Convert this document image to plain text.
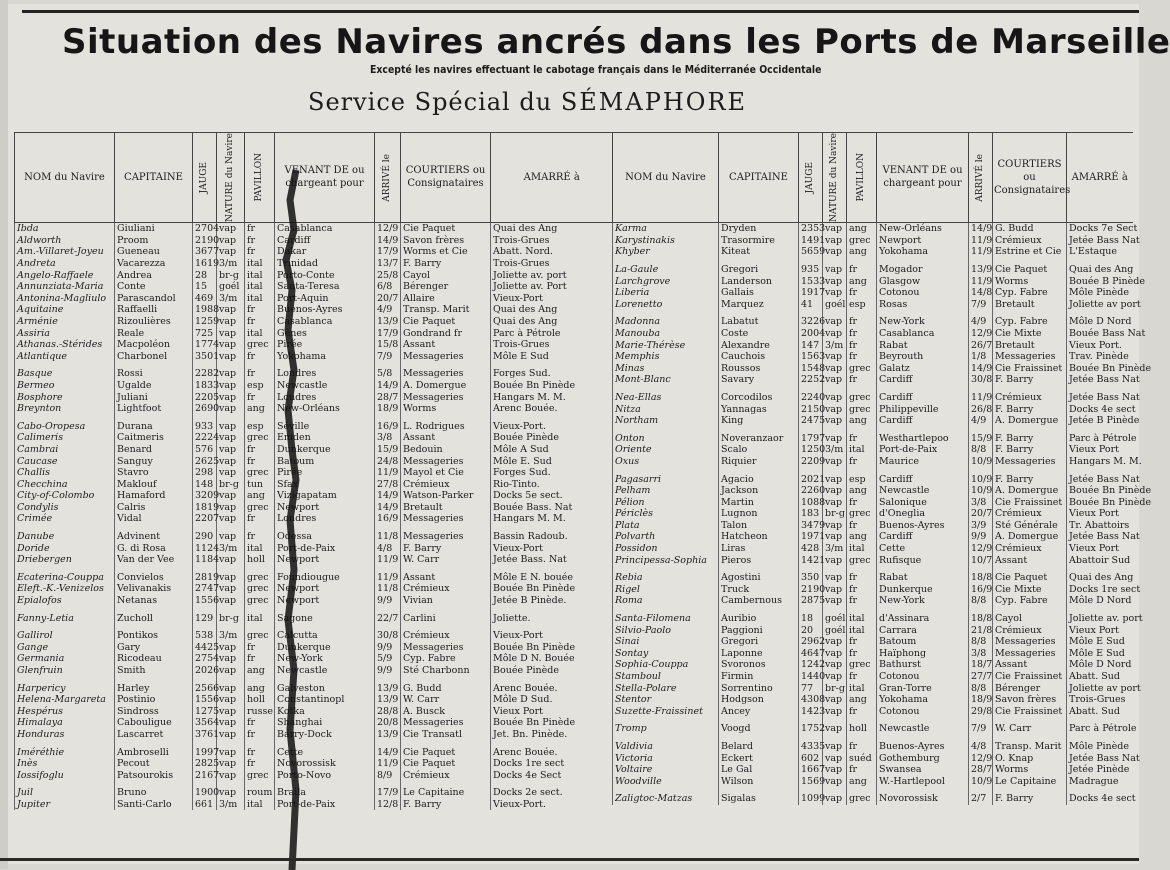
Situation des Navires ancrés dans les Ports de Marseille
Excepté les navires effectuant le cabotage français dans le Méditerranée Occidentale
Service Spécial du SÉMAPHORE
NOM du Navire	CAPITAINE	JAUGE	NATURE du Navire	PAVILLON	VENANT DE ou chargeant pour	ARRIVÉ le	COURTIERS ou Consignataires	AMARRÉ à
Ibda	Giuliani	2704	vap	fr	Casablanca	12/9	Cie Paquet	Quai des Ang
Aldworth	Proom	2190	vap	fr	Cardiff	14/9	Savon frères	Trois-Grues
Am.-Villaret-Joyeu	Gueneau	3677	vap	fr	Dakar	17/9	Worms et Cie	Abatt. Nord.
Andreta	Vacarezza	1619	3/m	ital	Trinidad	13/7	F. Barry	Trois-Grues
Angelo-Raffaele	Andrea	28	br-g	ital	Porto-Conte	25/8	Cayol	Joliette av. port
Annunziata-Maria	Conte	15	goél	ital	Santa-Teresa	6/8	Bérenger	Joliette av. Port
Antonina-Magliulo	Parascandol	469	3/m	ital	Port-Aquin	20/7	Allaire	Vieux-Port
Aquitaine	Raffaelli	1988	vap	fr	Buenos-Ayres	4/9	Transp. Marit	Quai des Ang
Arménie	Rizoulières	1259	vap	fr	Casablanca	13/9	Cie Paquet	Quai des Ang
Assiria	Reale	725	vap	ital	Gênes	17/9	Gondrand fr	Parc à Pétrole
Athanas.-Stérides	Macpoléon	1774	vap	grec	Pirée	15/8	Assant	Trois-Grues
Atlantique	Charbonel	3501	vap	fr	Yokohama	7/9	Messageries	Môle E Sud

Basque	Rossi	2282	vap	fr	Londres	5/8	Messageries	Forges Sud.
Bermeo	Ugalde	1833	vap	esp	Newcastle	14/9	A. Domergue	Bouée Bn Pinède
Bosphore	Juliani	2205	vap	fr	Londres	28/7	Messageries	Hangars M. M.
Breynton	Lightfoot	2690	vap	ang	New-Orléans	18/9	Worms	Arenc Bouée.

Cabo-Oropesa	Durana	933	vap	esp	Séville	16/9	L. Rodrigues	Vieux-Port.
Calimeris	Caitmeris	2224	vap	grec	Emden	3/8	Assant	Bouée Pinède
Cambrai	Benard	576	vap	fr	Dunkerque	15/9	Bedouin	Môle A Sud
Caucase	Sanguy	2625	vap	fr	Batoum	24/8	Messageries	Môle E. Sud
Challis	Stavro	298	vap	grec	Pirée	11/9	Mayol et Cie	Forges Sud.
Checchina	Maklouf	148	br-g	tun	Sfax	27/8	Crémieux	Rio-Tinto.
City-of-Colombo	Hamaford	3209	vap	ang	Vizigapatam	14/9	Watson-Parker	Docks 5e sect.
Condylis	Calris	1819	vap	grec	Newport	14/9	Bretault	Bouée Bass. Nat
Crimée	Vidal	2207	vap	fr	Londres	16/9	Messageries	Hangars M. M.

Danube	Advinent	290	vap	fr	Odessa	11/8	Messageries	Bassin Radoub.
Doride	G. di Rosa	1124	3/m	ital	Port-de-Paix	4/8	F. Barry	Vieux-Port
Driebergen	Van der Vee	1184	vap	holl	Newport	11/9	W. Carr	Jetée Bass. Nat

Ecaterina-Couppa	Convielos	2819	vap	grec	Foundiougue	11/9	Assant	Môle E N. bouée
Eleft.-K.-Venizelos	Velivanakis	2747	vap	grec	Newport	11/8	Crémieux	Bouée Bn Pinède
Epialofos	Netanas	1556	vap	grec	Newport	9/9	Vivian	Jetée B Pinède.

Fanny-Letia	Zucholl	129	br-g	ital	Sagone	22/7	Carlini	Joliette.

Gallirol	Pontikos	538	3/m	grec	Calcutta	30/8	Crémieux	Vieux-Port
Gange	Gary	4425	vap	fr	Dunkerque	9/9	Messageries	Bouée Bn Pinède
Germania	Ricodeau	2754	vap	fr	New-York	5/9	Cyp. Fabre	Môle D N. Bouée
Glenfruin	Smith	2026	vap	ang	Newcastle	9/9	Sté Charbonn	Bouée Pinède

Harpericy	Harley	2566	vap	ang	Galveston	13/9	G. Budd	Arenc Bouée.
Helena-Margareta	Postinio	1556	vap	holl	Constantinopl	13/9	W. Carr	Môle D Sud.
Hespérus	Sindross	1275	vap	russe	Kotka	28/8	A. Busck	Vieux Port
Himalaya	Cabouligue	3564	vap	fr	Shanghai	20/8	Messageries	Bouée Bn Pinède
Honduras	Lascarret	3761	vap	fr	Barry-Dock	13/9	Cie Transatl	Jet. Bn. Pinède.

Iméréthie	Ambroselli	1997	vap	fr	Cette	14/9	Cie Paquet	Arenc Bouée.
Inès	Pecout	2825	vap	fr	Novorossisk	11/9	Cie Paquet	Docks 1re sect
Iossifoglu	Patsourokis	2167	vap	grec	Porto-Novo	8/9	Crémieux	Docks 4e Sect

Juil	Bruno	1900	vap	roum	Braila	17/9	Le Capitaine	Docks 2e sect.
Jupiter	Santi-Carlo	661	3/m	ital	Port-de-Paix	12/8	F. Barry	Vieux-Port.
NOM du Navire	CAPITAINE	JAUGE	NATURE du Navire	PAVILLON	VENANT DE ou chargeant pour	ARRIVÉ le	COURTIERS ou Consignataires	AMARRÉ à
Karma	Dryden	2353	vap	ang	New-Orléans	14/9	G. Budd	Docks 7e Sect
Karystinakis	Trasormire	1491	vap	grec	Newport	11/9	Crémieux	Jetée Bass Nat
Khyber	Kiteat	5659	vap	ang	Yokohama	11/9	Estrine et Cie	L'Estaque

La-Gaule	Gregori	935	vap	fr	Mogador	13/9	Cie Paquet	Quai des Ang
Larchgrove	Landerson	1533	vap	ang	Glasgow	11/9	Worms	Bouée B Pinède
Liberia	Gallais	1917	vap	fr	Cotonou	14/8	Cyp. Fabre	Môle Pinède
Lorenetto	Marquez	41	goél	esp	Rosas	7/9	Bretault	Joliette av port

Madonna	Labatut	3226	vap	fr	New-York	4/9	Cyp. Fabre	Môle D Nord
Manouba	Coste	2004	vap	fr	Casablanca	12/9	Cie Mixte	Bouée Bass Nat
Marie-Thérèse	Alexandre	147	3/m	fr	Rabat	26/7	Bretault	Vieux Port.
Memphis	Cauchois	1563	vap	fr	Beyrouth	1/8	Messageries	Trav. Pinède
Minas	Roussos	1548	vap	grec	Galatz	14/9	Cie Fraissinet	Bouée Bn Pinède
Mont-Blanc	Savary	2252	vap	fr	Cardiff	30/8	F. Barry	Jetée Bass Nat

Nea-Ellas	Corcodilos	2240	vap	grec	Cardiff	11/9	Crémieux	Jetée Bass Nat
Nitza	Yannagas	2150	vap	grec	Philippeville	26/8	F. Barry	Docks 4e sect
Northam	King	2475	vap	ang	Cardiff	4/9	A. Domergue	Jetée B Pinède

Onton	Noveranzaor	1797	vap	fr	Westhartlepoo	15/9	F. Barry	Parc à Pétrole
Oriente	Scalo	1250	3/m	ital	Port-de-Paix	8/8	F. Barry	Vieux Port
Oxus	Riquier	2209	vap	fr	Maurice	10/9	Messageries	Hangars M. M.

Pagasarri	Agacio	2021	vap	esp	Cardiff	10/9	F. Barry	Jetée Bass Nat
Pelham	Jackson	2260	vap	ang	Newcastle	10/9	A. Domergue	Bouée Bn Pinède
Pélion	Martin	1088	vap	fr	Salonique	3/8	Cie Fraissinet	Bouée Bn Pinède
Périclès	Lugnon	183	br-g	grec	d'Oneglia	20/7	Crémieux	Vieux Port
Plata	Talon	3479	vap	fr	Buenos-Ayres	3/9	Sté Générale	Tr. Abattoirs
Polvarth	Hatcheon	1971	vap	ang	Cardiff	9/9	A. Domergue	Jetée Bass Nat
Possidon	Liras	428	3/m	ital	Cette	12/9	Crémieux	Vieux Port
Principessa-Sophia	Pieros	1421	vap	grec	Rufisque	10/7	Assant	Abattoir Sud

Rebia	Agostini	350	vap	fr	Rabat	18/8	Cie Paquet	Quai des Ang
Rigel	Truck	2190	vap	fr	Dunkerque	16/9	Cie Mixte	Docks 1re sect
Roma	Cambernous	2875	vap	fr	New-York	8/8	Cyp. Fabre	Môle D Nord

Santa-Filomena	Auribio	18	goél	ital	d'Assinara	18/8	Cayol	Joliette av. port
Silvio-Paolo	Paggioni	20	goél	ital	Carrara	21/8	Crémieux	Vieux Port
Sinai	Gregori	2962	vap	fr	Batoum	8/8	Messageries	Môle E Sud
Sontay	Laponne	4647	vap	fr	Haïphong	3/8	Messageries	Môle E Sud
Sophia-Couppa	Svoronos	1242	vap	grec	Bathurst	18/7	Assant	Môle D Nord
Stamboul	Firmin	1440	vap	fr	Cotonou	27/7	Cie Fraissinet	Abatt. Sud
Stella-Polare	Sorrentino	77	br-g	ital	Gran-Torre	8/8	Bérenger	Joliette av port
Stentor	Hodgson	4308	vap	ang	Yokohama	18/9	Savon frères	Trois-Grues
Suzette-Fraissinet	Ancey	1423	vap	fr	Cotonou	29/8	Cie Fraissinet	Abatt. Sud

Tromp	Voogd	1752	vap	holl	Newcastle	7/9	W. Carr	Parc à Pétrole

Valdivia	Belard	4335	vap	fr	Buenos-Ayres	4/8	Transp. Marit	Môle Pinède
Victoria	Eckert	602	vap	suéd	Gothemburg	12/9	O. Knap	Jetée Bass Nat
Voltaire	Le Gal	1667	vap	fr	Swansea	28/7	Worms	Jetée Pinède
Woodville	Wilson	1569	vap	ang	W.-Hartlepool	10/9	Le Capitaine	Madrague

Zaligtoc-Matzas	Sigalas	1099	vap	grec	Novorossisk	2/7	F. Barry	Docks 4e sect
